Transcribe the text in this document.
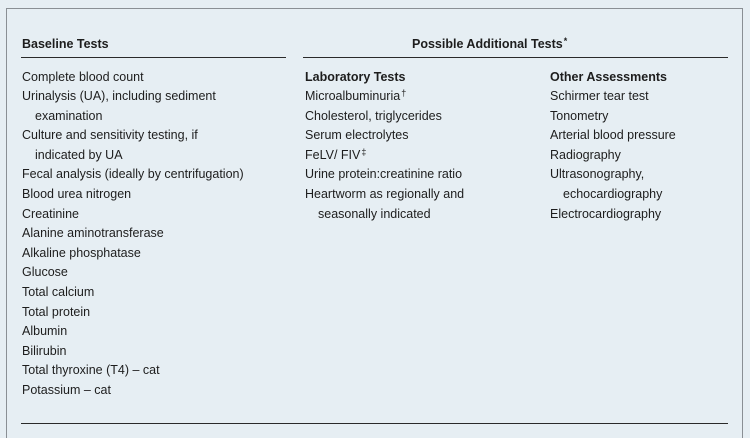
Baseline Tests	Possible Additional Tests*
Complete blood count
Urinalysis (UA), including sediment
examination
Culture and sensitivity testing, if
indicated by UA
Fecal analysis (ideally by centrifugation)
Blood urea nitrogen
Creatinine
Alanine aminotransferase
Alkaline phosphatase
Glucose
Total calcium
Total protein
Albumin
Bilirubin
Total thyroxine (T4) – cat
Potassium – cat
Laboratory Tests
Microalbuminuria†
Cholesterol, triglycerides
Serum electrolytes
FeLV/ FIV‡
Urine protein:creatinine ratio
Heartworm as regionally and
seasonally indicated
Other Assessments
Schirmer tear test
Tonometry
Arterial blood pressure
Radiography
Ultrasonography,
echocardiography
Electrocardiography
